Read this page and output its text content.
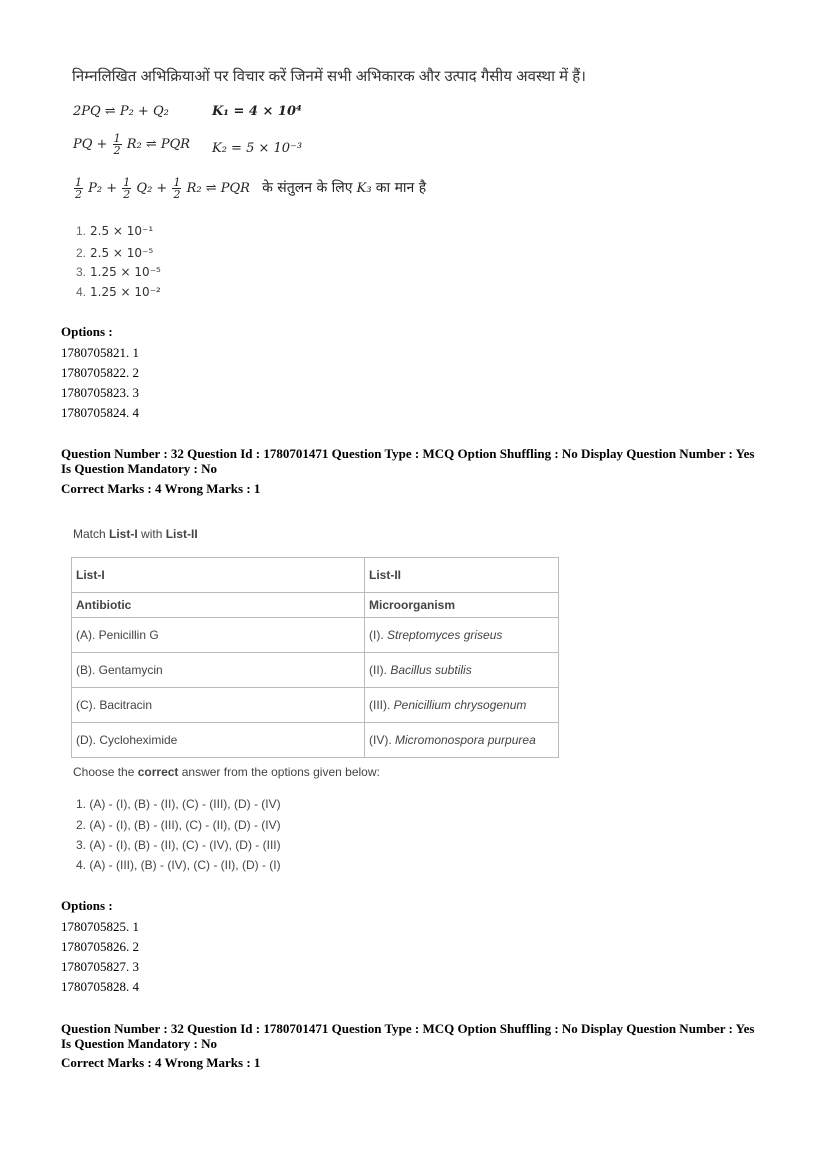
निम्नलिखित अभिक्रियाओं पर विचार करें जिनमें सभी अभिकारक और उत्पाद गैसीय अवस्था में हैं।
2PQ ⇌ P₂ + Q₂	K₁ = 4 × 10⁴
PQ + $\frac{1}{2} R_2$ ⇌ PQR K₂ = 5 × 10⁻³
$\frac{1}{2} P_2 + \frac{1}{2} Q_2 + \frac{1}{2} R_2$ ⇌ PQR के संतुलन के लिए K₃ का मान है
1. 2.5 × 10⁻¹
2. 2.5 × 10⁻⁵
3. 1.25 × 10⁻⁵
4. 1.25 × 10⁻²
Options :
1780705821. 1
1780705822. 2
1780705823. 3
1780705824. 4
Question Number : 32 Question Id : 1780701471 Question Type : MCQ Option Shuffling : No Display Question Number : Yes
Is Question Mandatory : No
Correct Marks : 4 Wrong Marks : 1
Match List-I with List-II
List-I	List-II
Antibiotic	Microorganism
(A). Penicillin G	(I). Streptomyces griseus
(B). Gentamycin	(II). Bacillus subtilis
(C). Bacitracin	(III). Penicillium chrysogenum
(D). Cycloheximide	(IV). Micromonospora purpurea
Choose the correct answer from the options given below:
1. (A) - (I), (B) - (II), (C) - (III), (D) - (IV)
2. (A) - (I), (B) - (III), (C) - (II), (D) - (IV)
3. (A) - (I), (B) - (II), (C) - (IV), (D) - (III)
4. (A) - (III), (B) - (IV), (C) - (II), (D) - (I)
Options :
1780705825. 1
1780705826. 2
1780705827. 3
1780705828. 4
Question Number : 32 Question Id : 1780701471 Question Type : MCQ Option Shuffling : No Display Question Number : Yes
Is Question Mandatory : No
Correct Marks : 4 Wrong Marks : 1
